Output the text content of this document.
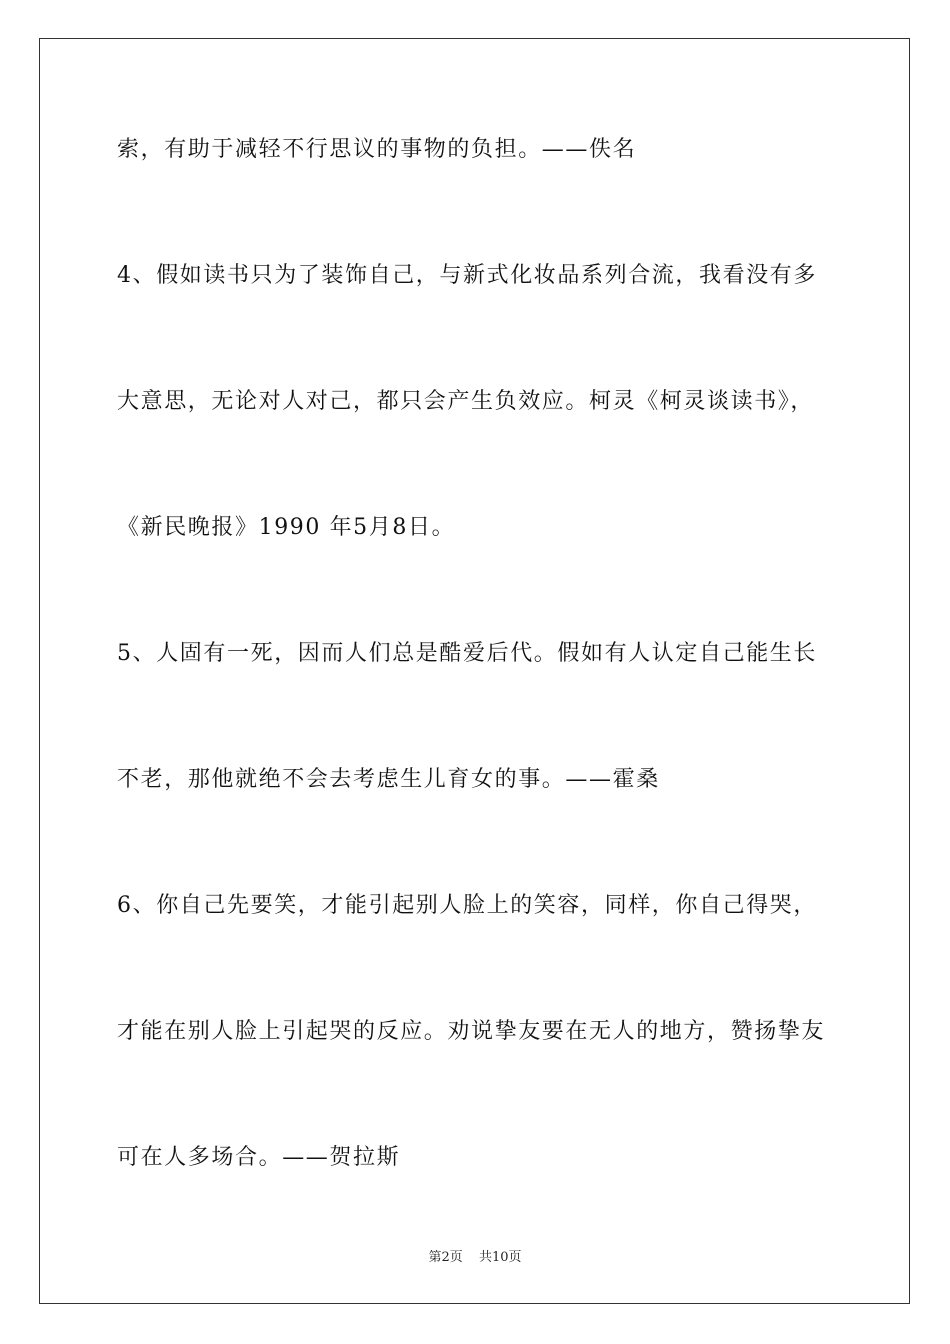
索，有助于减轻不行思议的事物的负担。——佚名
4、假如读书只为了装饰自己，与新式化妆品系列合流，我看没有多
大意思，无论对人对己，都只会产生负效应。柯灵《柯灵谈读书》，
《新民晚报》1990 年5月8日。
5、人固有一死，因而人们总是酷爱后代。假如有人认定自己能生长
不老，那他就绝不会去考虑生儿育女的事。——霍桑
6、你自己先要笑，才能引起别人脸上的笑容，同样，你自己得哭，
才能在别人脸上引起哭的反应。劝说挚友要在无人的地方，赞扬挚友
可在人多场合。——贺拉斯
第2页 共10页
